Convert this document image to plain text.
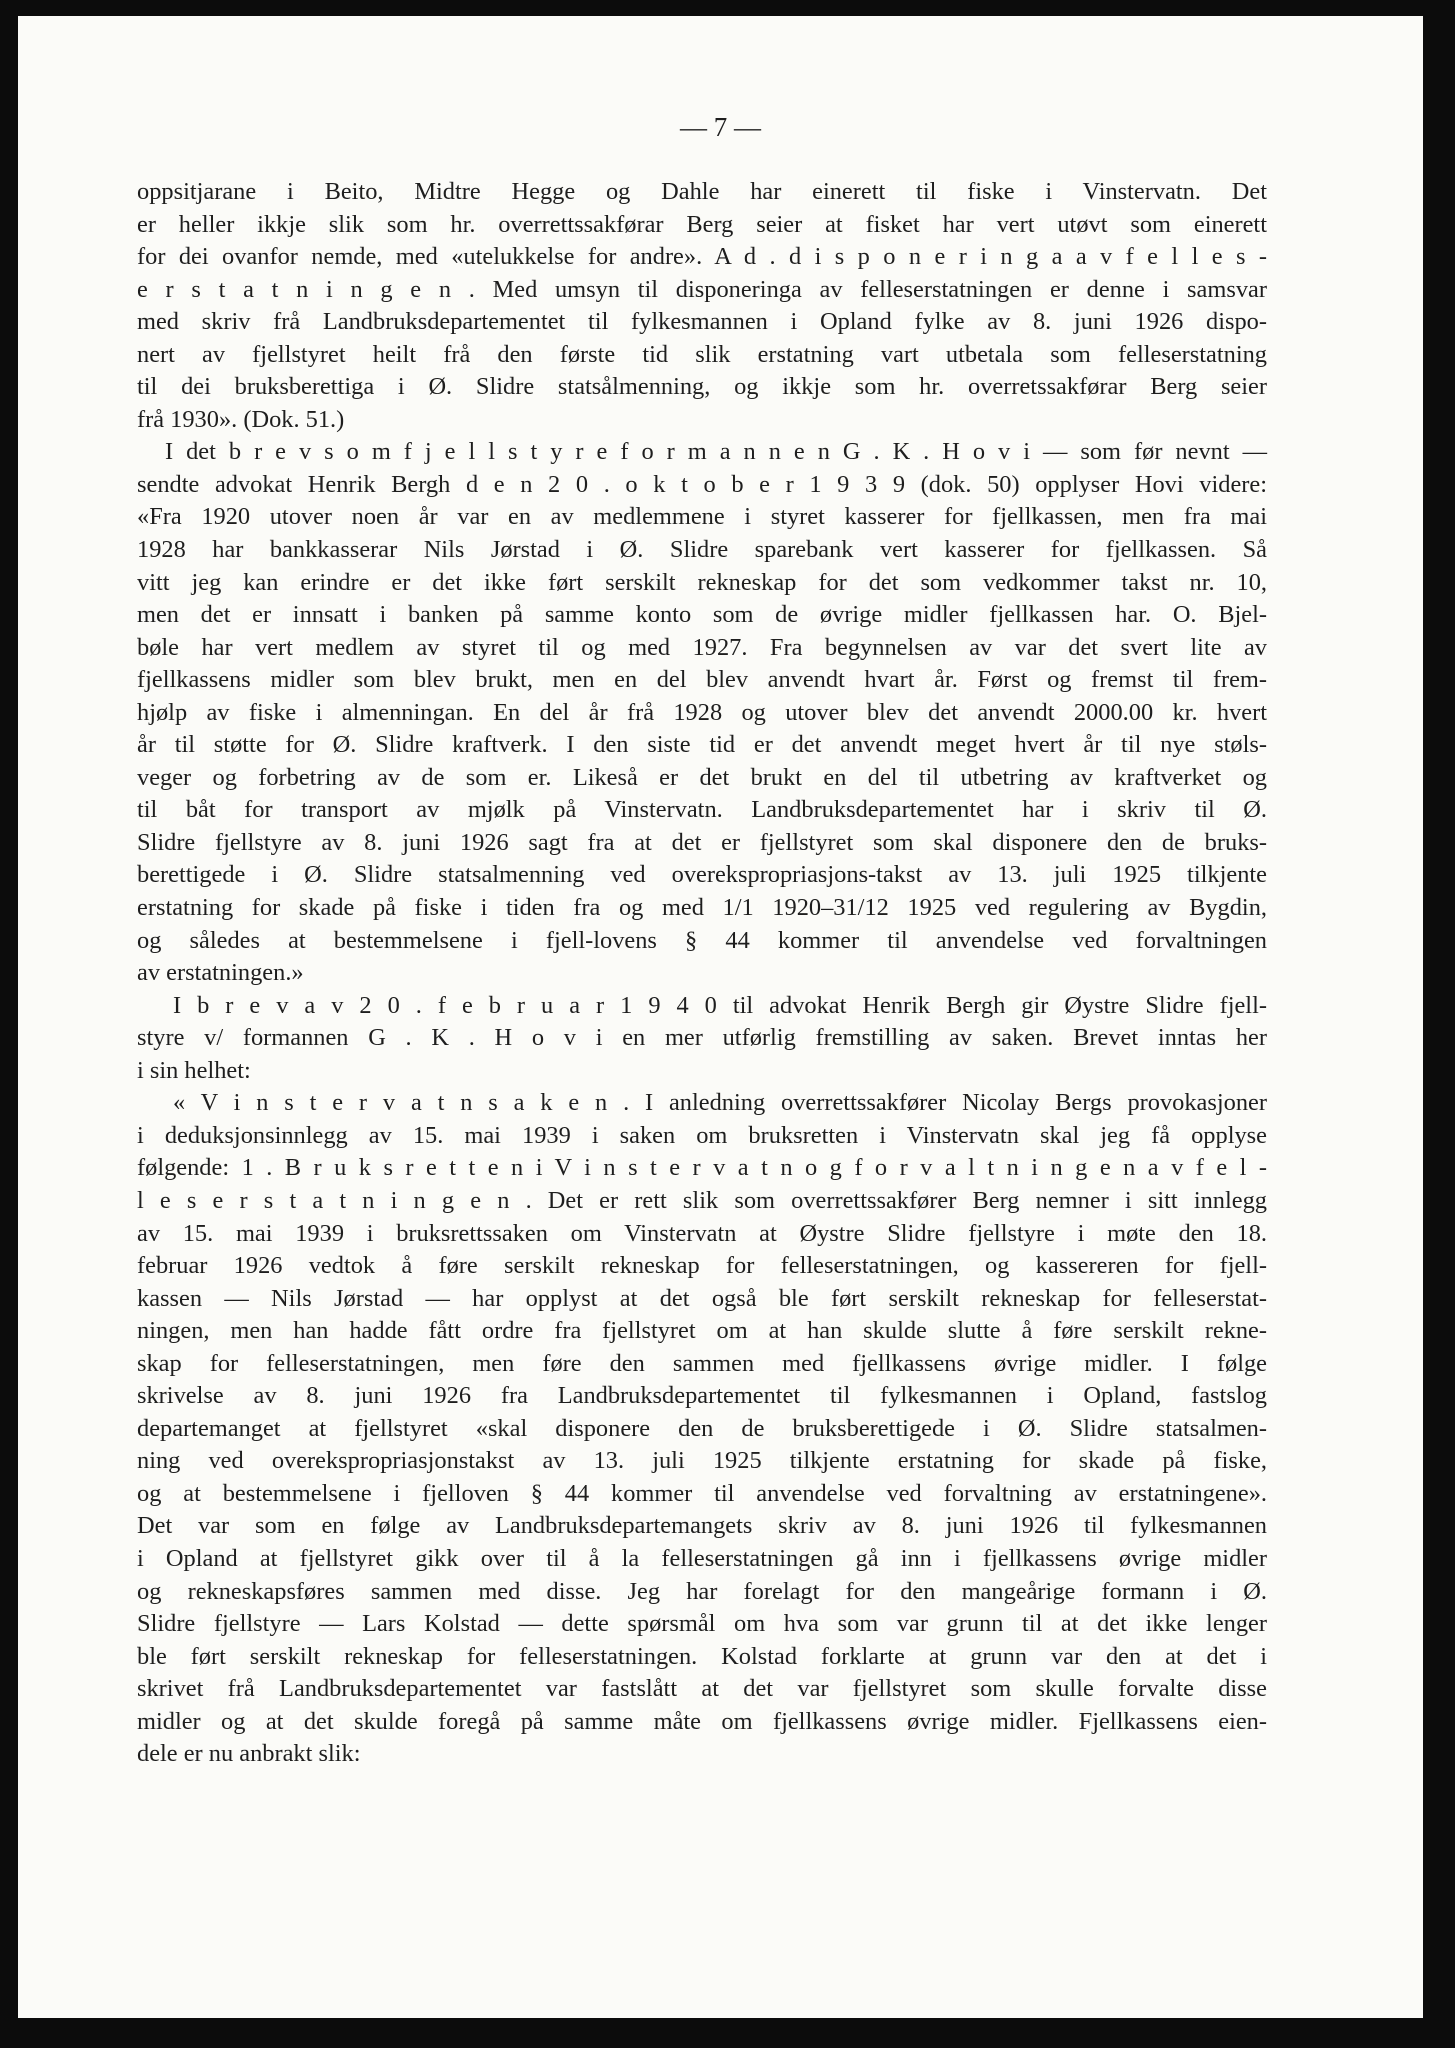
— 7 —
oppsitjarane i Beito, Midtre Hegge og Dahle har einerett til fiske i Vinstervatn. Det
er heller ikkje slik som hr. overrettssakførar Berg seier at fisket har vert utøvt som einerett
for dei ovanfor nemde, med «utelukkelse for andre». A d . d i s p o n e r i n g a a v f e l l e s -
e r s t a t n i n g e n . Med umsyn til disponeringa av felleserstatningen er denne i samsvar
med skriv frå Landbruksdepartementet til fylkesmannen i Opland fylke av 8. juni 1926 dispo-
nert av fjellstyret heilt frå den første tid slik erstatning vart utbetala som felleserstatning
til dei bruksberettiga i Ø. Slidre statsålmenning, og ikkje som hr. overretssakførar Berg seier
frå 1930». (Dok. 51.)
I det b r e v s o m f j e l l s t y r e f o r m a n n e n G . K . H o v i — som før nevnt —
sendte advokat Henrik Bergh d e n 2 0 . o k t o b e r 1 9 3 9 (dok. 50) opplyser Hovi videre:
«Fra 1920 utover noen år var en av medlemmene i styret kasserer for fjellkassen, men fra mai
1928 har bankkasserar Nils Jørstad i Ø. Slidre sparebank vert kasserer for fjellkassen. Så
vitt jeg kan erindre er det ikke ført serskilt rekneskap for det som vedkommer takst nr. 10,
men det er innsatt i banken på samme konto som de øvrige midler fjellkassen har. O. Bjel-
bøle har vert medlem av styret til og med 1927. Fra begynnelsen av var det svert lite av
fjellkassens midler som blev brukt, men en del blev anvendt hvart år. Først og fremst til frem-
hjølp av fiske i almenningan. En del år frå 1928 og utover blev det anvendt 2000.00 kr. hvert
år til støtte for Ø. Slidre kraftverk. I den siste tid er det anvendt meget hvert år til nye støls-
veger og forbetring av de som er. Likeså er det brukt en del til utbetring av kraftverket og
til båt for transport av mjølk på Vinstervatn. Landbruksdepartementet har i skriv til Ø.
Slidre fjellstyre av 8. juni 1926 sagt fra at det er fjellstyret som skal disponere den de bruks-
berettigede i Ø. Slidre statsalmenning ved overekspropriasjons-takst av 13. juli 1925 tilkjente
erstatning for skade på fiske i tiden fra og med 1/1 1920–31/12 1925 ved regulering av Bygdin,
og således at bestemmelsene i fjell-lovens § 44 kommer til anvendelse ved forvaltningen
av erstatningen.»
I b r e v a v 2 0 . f e b r u a r 1 9 4 0 til advokat Henrik Bergh gir Øystre Slidre fjell-
styre v/ formannen G . K . H o v i en mer utførlig fremstilling av saken. Brevet inntas her
i sin helhet:
« V i n s t e r v a t n s a k e n . I anledning overrettssakfører Nicolay Bergs provokasjoner
i deduksjonsinnlegg av 15. mai 1939 i saken om bruksretten i Vinstervatn skal jeg få opplyse
følgende: 1 . B r u k s r e t t e n i V i n s t e r v a t n o g f o r v a l t n i n g e n a v f e l -
l e s e r s t a t n i n g e n . Det er rett slik som overrettssakfører Berg nemner i sitt innlegg
av 15. mai 1939 i bruksrettssaken om Vinstervatn at Øystre Slidre fjellstyre i møte den 18.
februar 1926 vedtok å føre serskilt rekneskap for felleserstatningen, og kassereren for fjell-
kassen — Nils Jørstad — har opplyst at det også ble ført serskilt rekneskap for felleserstat-
ningen, men han hadde fått ordre fra fjellstyret om at han skulde slutte å føre serskilt rekne-
skap for felleserstatningen, men føre den sammen med fjellkassens øvrige midler. I følge
skrivelse av 8. juni 1926 fra Landbruksdepartementet til fylkesmannen i Opland, fastslog
departemanget at fjellstyret «skal disponere den de bruksberettigede i Ø. Slidre statsalmen-
ning ved overekspropriasjonstakst av 13. juli 1925 tilkjente erstatning for skade på fiske,
og at bestemmelsene i fjelloven § 44 kommer til anvendelse ved forvaltning av erstatningene».
Det var som en følge av Landbruksdepartemangets skriv av 8. juni 1926 til fylkesmannen
i Opland at fjellstyret gikk over til å la felleserstatningen gå inn i fjellkassens øvrige midler
og rekneskapsføres sammen med disse. Jeg har forelagt for den mangeårige formann i Ø.
Slidre fjellstyre — Lars Kolstad — dette spørsmål om hva som var grunn til at det ikke lenger
ble ført serskilt rekneskap for felleserstatningen. Kolstad forklarte at grunn var den at det i
skrivet frå Landbruksdepartementet var fastslått at det var fjellstyret som skulle forvalte disse
midler og at det skulde foregå på samme måte om fjellkassens øvrige midler. Fjellkassens eien-
dele er nu anbrakt slik:
